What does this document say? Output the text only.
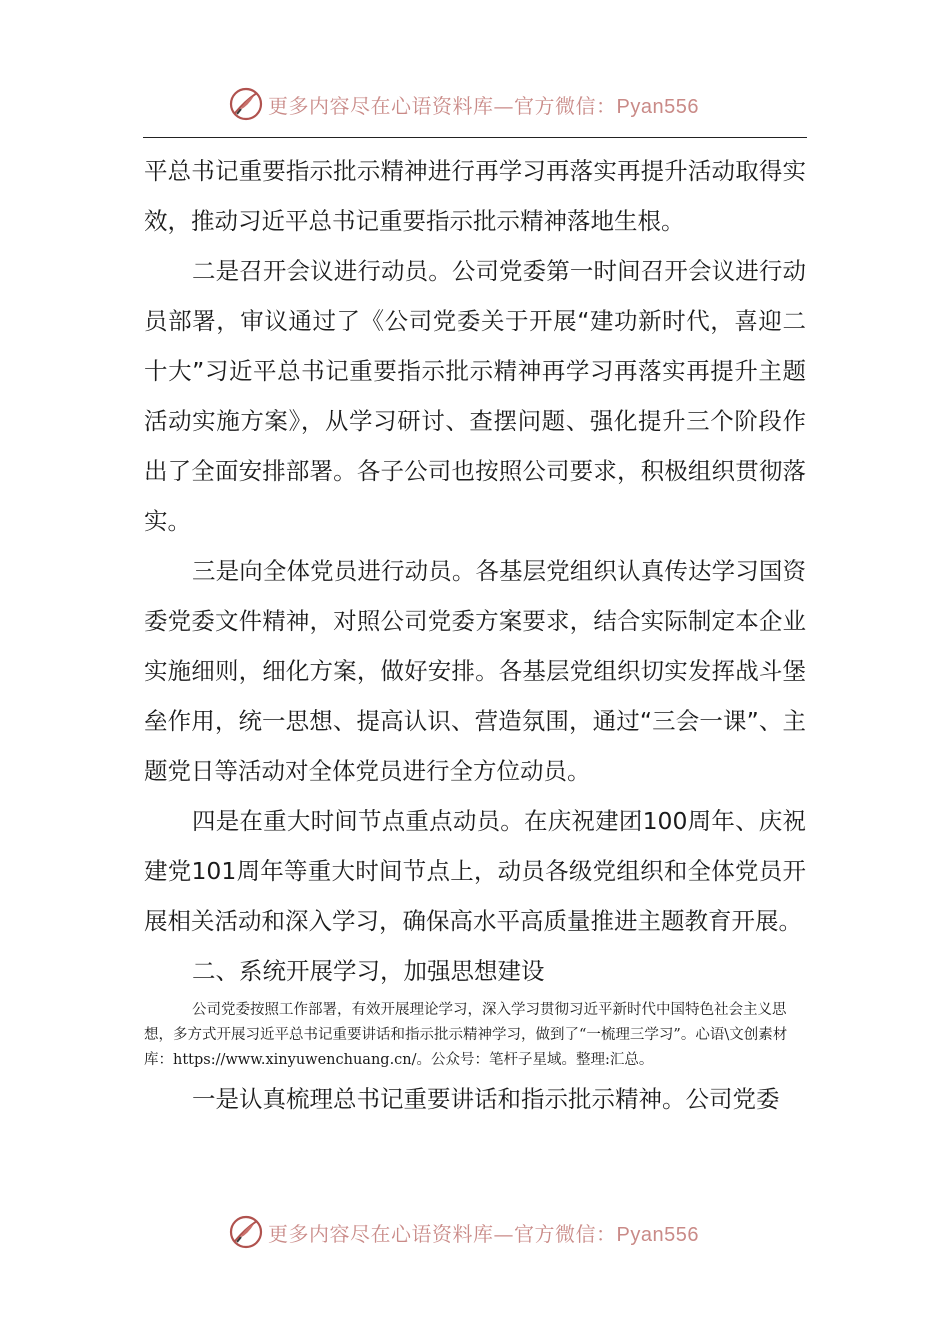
更多内容尽在心语资料库—官方微信：Pyan556

平总书记重要指示批示精神进行再学习再落实再提升活动取得实效，推动习近平总书记重要指示批示精神落地生根。

二是召开会议进行动员。公司党委第一时间召开会议进行动员部署，审议通过了《公司党委关于开展“建功新时代，喜迎二十大”习近平总书记重要指示批示精神再学习再落实再提升主题活动实施方案》，从学习研讨、查摆问题、强化提升三个阶段作出了全面安排部署。各子公司也按照公司要求，积极组织贯彻落实。

三是向全体党员进行动员。各基层党组织认真传达学习国资委党委文件精神，对照公司党委方案要求，结合实际制定本企业实施细则，细化方案，做好安排。各基层党组织切实发挥战斗堡垒作用，统一思想、提高认识、营造氛围，通过“三会一课”、主题党日等活动对全体党员进行全方位动员。

四是在重大时间节点重点动员。在庆祝建团100周年、庆祝建党101周年等重大时间节点上，动员各级党组织和全体党员开展相关活动和深入学习，确保高水平高质量推进主题教育开展。

二、系统开展学习，加强思想建设

公司党委按照工作部署，有效开展理论学习，深入学习贯彻习近平新时代中国特色社会主义思想，多方式开展习近平总书记重要讲话和指示批示精神学习，做到了“一梳理三学习”。心语\文创素材库：https://www.xinyuwenchuang.cn/。公众号：笔杆子星域。整理:汇总。

一是认真梳理总书记重要讲话和指示批示精神。公司党委

更多内容尽在心语资料库—官方微信：Pyan556
